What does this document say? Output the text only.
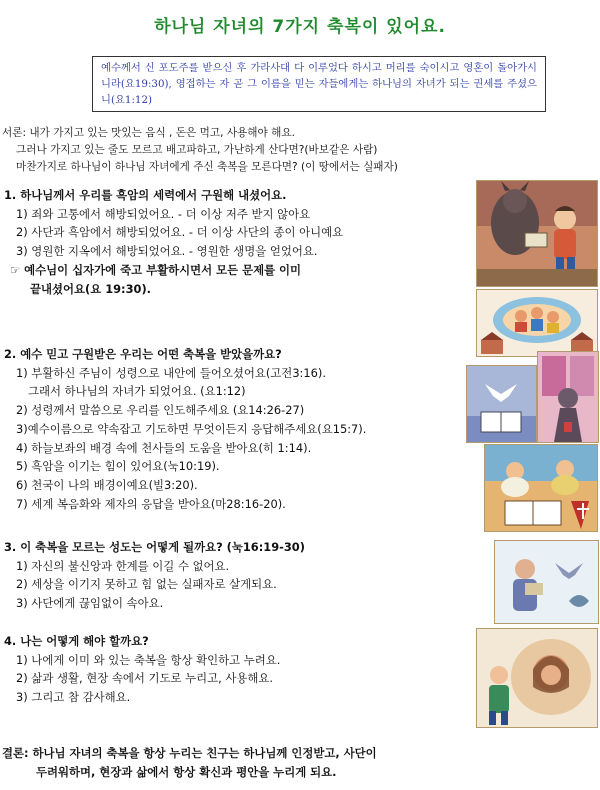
하나님 자녀의 7가지 축복이 있어요.
예수께서 신 포도주를 받으신 후 가라사대 다 이루었다 하시고 머리를 숙이시고 영혼이 돌아가시니라(요19:30), 영접하는 자 곧 그 이름을 믿는 자들에게는 하나님의 자녀가 되는 권세를 주셨으니(요1:12)
서론: 내가 가지고 있는 맛있는 음식 , 돈은 먹고, 사용해야 해요.
그러나 가지고 있는 줄도 모르고 배고파하고, 가난하게 산다면?(바보같은 사람)
마찬가지로 하나님이 하나님 자녀에게 주신 축복을 모른다면? (이 땅에서는 실패자)
1. 하나님께서 우리를 흑암의 세력에서 구원해 내셨어요.
1) 죄와 고통에서 해방되었어요. - 더 이상 저주 받지 않아요
2) 사단과 흑암에서 해방되었어요. - 더 이상 사단의 종이 아니예요
3) 영원한 지옥에서 해방되었어요. - 영원한 생명을 얻었어요.
☞ 예수님이 십자가에 죽고 부활하시면서 모든 문제를 이미
끝내셨어요(요 19:30).
2. 예수 믿고 구원받은 우리는 어떤 축복을 받았을까요?
1) 부활하신 주님이 성령으로 내안에 들어오셨어요(고전3:16).
그래서 하나님의 자녀가 되었어요. (요1:12)
2) 성령께서 말씀으로 우리를 인도해주세요 (요14:26-27)
3)예수이름으로 약속잡고 기도하면 무엇이든지 응답해주세요(요15:7).
4) 하늘보좌의 배경 속에 천사들의 도움을 받아요(히 1:14).
5) 흑암을 이기는 힘이 있어요(눅10:19).
6) 천국이 나의 배경이예요(빌3:20).
7) 세계 복음화와 제자의 응답을 받아요(마28:16-20).
3. 이 축복을 모르는 성도는 어떻게 될까요? (눅16:19-30)
1) 자신의 불신앙과 한계를 이길 수 없어요.
2) 세상을 이기지 못하고 힘 없는 실패자로 살게되요.
3) 사단에게 끊임없이 속아요.
4. 나는 어떻게 해야 할까요?
1) 나에게 이미 와 있는 축복을 항상 확인하고 누려요.
2) 삶과 생활, 현장 속에서 기도로 누리고, 사용해요.
3) 그리고 참 감사해요.
결론: 하나님 자녀의 축복을 항상 누리는 친구는 하나님께 인정받고, 사단이
두려워하며, 현장과 삶에서 항상 확신과 평안을 누리게 되요.
